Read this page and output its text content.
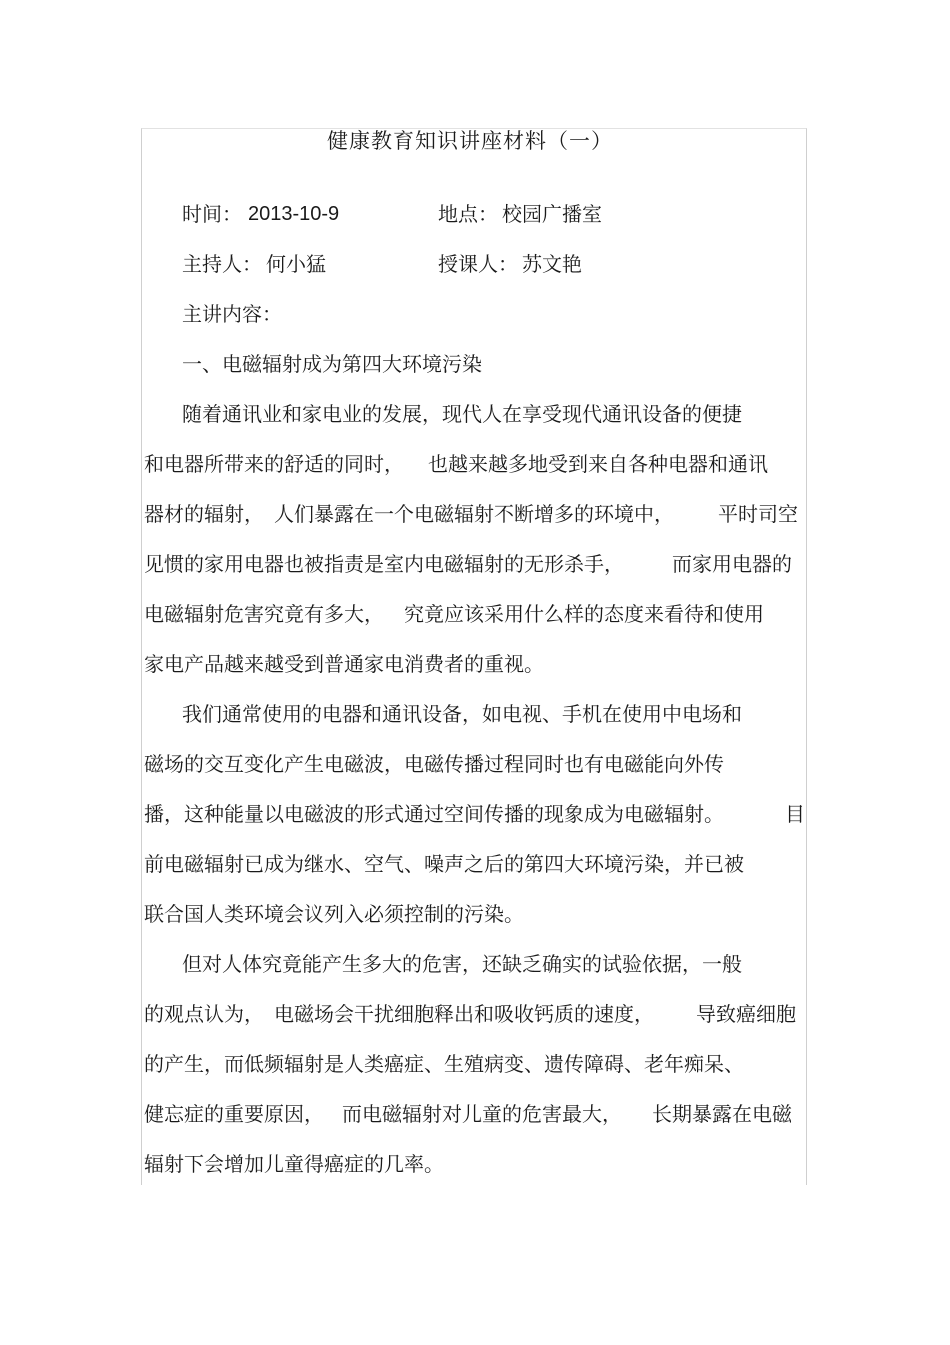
健康教育知识讲座材料（一）
时间： 2013-10-9	地点： 校园广播室
主持人： 何小猛	授课人： 苏文艳
主讲内容：
一、电磁辐射成为第四大环境污染
随着通讯业和家电业的发展，现代人在享受现代通讯设备的便捷
和电器所带来的舒适的同时， 也越来越多地受到来自各种电器和通讯
器材的辐射， 人们暴露在一个电磁辐射不断增多的环境中， 平时司空
见惯的家用电器也被指责是室内电磁辐射的无形杀手， 而家用电器的
电磁辐射危害究竟有多大， 究竟应该采用什么样的态度来看待和使用
家电产品越来越受到普通家电消费者的重视。
我们通常使用的电器和通讯设备，如电视、手机在使用中电场和
磁场的交互变化产生电磁波，电磁传播过程同时也有电磁能向外传
播，这种能量以电磁波的形式通过空间传播的现象成为电磁辐射。	目
前电磁辐射已成为继水、空气、噪声之后的第四大环境污染，并已被
联合国人类环境会议列入必须控制的污染。
但对人体究竟能产生多大的危害，还缺乏确实的试验依据，一般
的观点认为， 电磁场会干扰细胞释出和吸收钙质的速度， 导致癌细胞
的产生，而低频辐射是人类癌症、生殖病变、遗传障碍、老年痴呆、
健忘症的重要原因， 而电磁辐射对儿童的危害最大， 长期暴露在电磁
辐射下会增加儿童得癌症的几率。
